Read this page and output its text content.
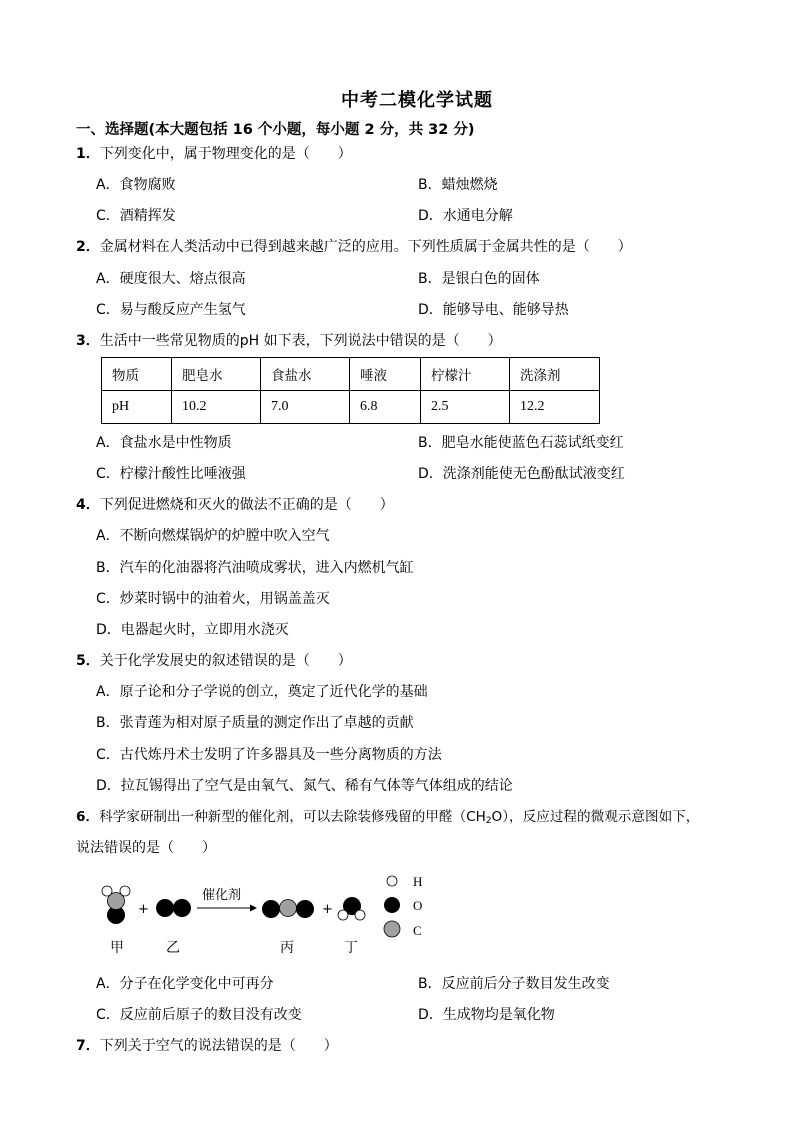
中考二模化学试题
一、选择题(本大题包括 16 个小题，每小题 2 分，共 32 分)
1．下列变化中，属于物理变化的是（　　）
A．食物腐败	B．蜡烛燃烧
C．酒精挥发	D．水通电分解
2．金属材料在人类活动中已得到越来越广泛的应用。下列性质属于金属共性的是（　　）
A．硬度很大、熔点很高	B．是银白色的固体
C．易与酸反应产生氢气	D．能够导电、能够导热
3．生活中一些常见物质的pH 如下表，下列说法中错误的是（　　）
物质	肥皂水	食盐水	唾液	柠檬汁	洗涤剂
pH	10.2	7.0	6.8	2.5	12.2
A．食盐水是中性物质	B．肥皂水能使蓝色石蕊试纸变红
C．柠檬汁酸性比唾液强	D．洗涤剂能使无色酚酞试液变红
4．下列促进燃烧和灭火的做法不正确的是（　　）
A．不断向燃煤锅炉的炉膛中吹入空气
B．汽车的化油器将汽油喷成雾状，进入内燃机气缸
C．炒菜时锅中的油着火，用锅盖盖灭
D．电器起火时，立即用水浇灭
5．关于化学发展史的叙述错误的是（　　）
A．原子论和分子学说的创立，奠定了近代化学的基础
B．张青莲为相对原子质量的测定作出了卓越的贡献
C．古代炼丹术士发明了许多器具及一些分离物质的方法
D．拉瓦锡得出了空气是由氧气、氮气、稀有气体等气体组成的结论
6．科学家研制出一种新型的催化剂，可以去除装修残留的甲醛$(CH_2O)$，反应过程的微观示意图如下，
说法错误的是（　　）
+
催化剂
+
甲	乙	丙	丁
H
O
C
A．分子在化学变化中可再分	B．反应前后分子数目发生改变
C．反应前后原子的数目没有改变	D．生成物均是氧化物
7．下列关于空气的说法错误的是（　　）
